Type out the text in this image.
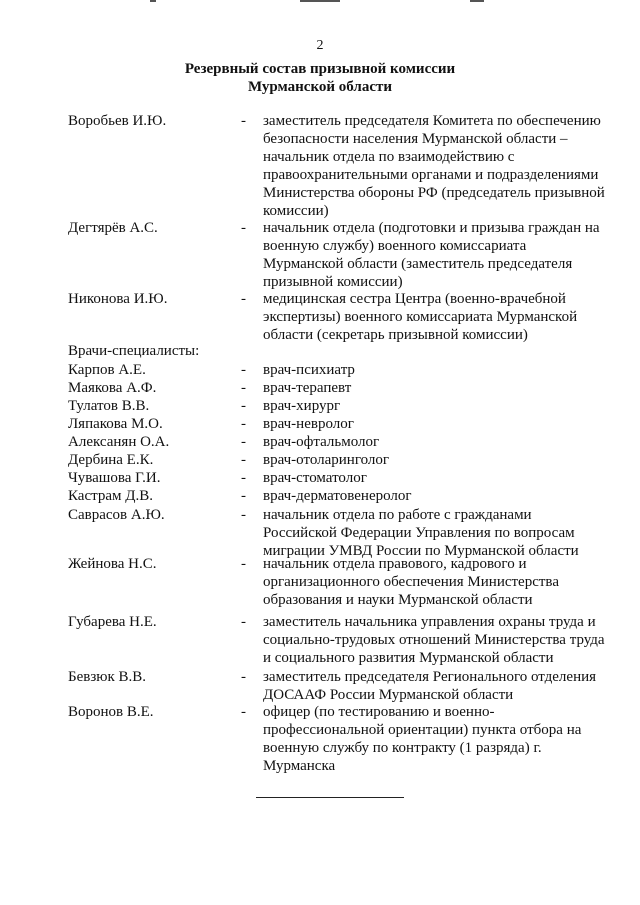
2
Резервный состав призывной комиссии
Мурманской области
Воробьев И.Ю.	- заместитель председателя Комитета по обеспечению безопасности населения Мурманской области – начальник отдела по взаимодействию с правоохранительными органами и подразделениями Министерства обороны РФ (председатель призывной комиссии)
Дегтярёв А.С.	- начальник отдела (подготовки и призыва граждан на военную службу) военного комиссариата Мурманской области (заместитель председателя призывной комиссии)
Никонова И.Ю.	- медицинская сестра Центра (военно-врачебной экспертизы) военного комиссариата Мурманской области (секретарь призывной комиссии)
Врачи-специалисты:
Карпов А.Е.	- врач-психиатр
Маякова А.Ф.	- врач-терапевт
Тулатов В.В.	- врач-хирург
Ляпакова М.О.	- врач-невролог
Алексанян О.А.	- врач-офтальмолог
Дербина Е.К.	- врач-отоларинголог
Чувашова Г.И.	- врач-стоматолог
Кастрам Д.В.	- врач-дерматовенеролог
Саврасов А.Ю.	- начальник отдела по работе с гражданами Российской Федерации Управления по вопросам миграции УМВД России по Мурманской области
Жейнова Н.С.	- начальник отдела правового, кадрового и организационного обеспечения Министерства образования и науки Мурманской области
Губарева Н.Е.	- заместитель начальника управления охраны труда и социально-трудовых отношений Министерства труда и социального развития Мурманской области
Бевзюк В.В.	- заместитель председателя Регионального отделения ДОСААФ России Мурманской области
Воронов В.Е.	- офицер (по тестированию и военно-профессиональной ориентации) пункта отбора на военную службу по контракту (1 разряда) г. Мурманска
